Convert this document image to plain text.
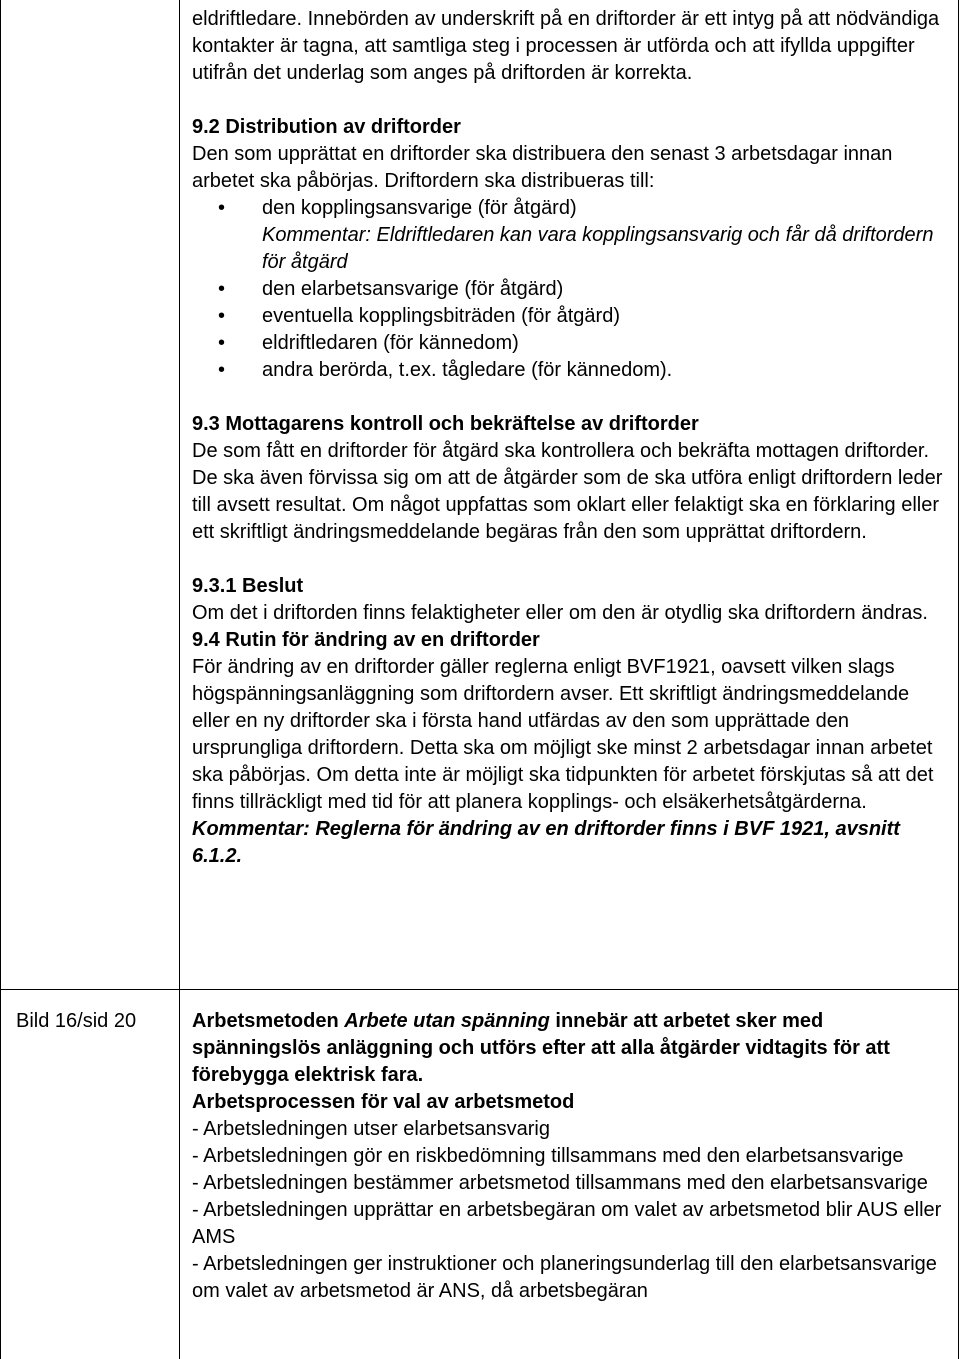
Bild 16/sid 20

eldriftledare. Innebörden av underskrift på en driftorder är ett intyg på att nödvändiga kontakter är tagna, att samtliga steg i processen är utförda och att ifyllda uppgifter utifrån det underlag som anges på driftorden är korrekta.

9.2 Distribution av driftorder

Den som upprättat en driftorder ska distribuera den senast 3 arbetsdagar innan arbetet ska påbörjas. Driftordern ska distribueras till:

• den kopplingsansvarige (för åtgärd)

Kommentar: Eldriftledaren kan vara kopplingsansvarig och får då driftordern för åtgärd

• den elarbetsansvarige (för åtgärd)
• eventuella kopplingsbiträden (för åtgärd)
• eldriftledaren (för kännedom)
• andra berörda, t.ex. tågledare (för kännedom).

9.3 Mottagarens kontroll och bekräftelse av driftorder

De som fått en driftorder för åtgärd ska kontrollera och bekräfta mottagen driftorder. De ska även förvissa sig om att de åtgärder som de ska utföra enligt driftordern leder till avsett resultat. Om något uppfattas som oklart eller felaktigt ska en förklaring eller ett skriftligt ändringsmeddelande begäras från den som upprättat driftordern.

9.3.1 Beslut

Om det i driftorden finns felaktigheter eller om den är otydlig ska driftordern ändras.

9.4 Rutin för ändring av en driftorder

För ändring av en driftorder gäller reglerna enligt BVF1921, oavsett vilken slags högspänningsanläggning som driftordern avser. Ett skriftligt ändringsmeddelande eller en ny driftorder ska i första hand utfärdas av den som upprättade den ursprungliga driftordern. Detta ska om möjligt ske minst 2 arbetsdagar innan arbetet ska påbörjas. Om detta inte är möjligt ska tidpunkten för arbetet förskjutas så att det finns tillräckligt med tid för att planera kopplings- och elsäkerhetsåtgärderna.

Kommentar: Reglerna för ändring av en driftorder finns i BVF 1921, avsnitt 6.1.2.

Arbetsmetoden Arbete utan spänning innebär att arbetet sker med spänningslös anläggning och utförs efter att alla åtgärder vidtagits för att förebygga elektrisk fara.

Arbetsprocessen för val av arbetsmetod

- Arbetsledningen utser elarbetsansvarig

- Arbetsledningen gör en riskbedömning tillsammans med den elarbetsansvarige

- Arbetsledningen bestämmer arbetsmetod tillsammans med den elarbetsansvarige

- Arbetsledningen upprättar en arbetsbegäran om valet av arbetsmetod blir AUS eller AMS

- Arbetsledningen ger instruktioner och planeringsunderlag till den elarbetsansvarige om valet av arbetsmetod är ANS, då arbetsbegäran
